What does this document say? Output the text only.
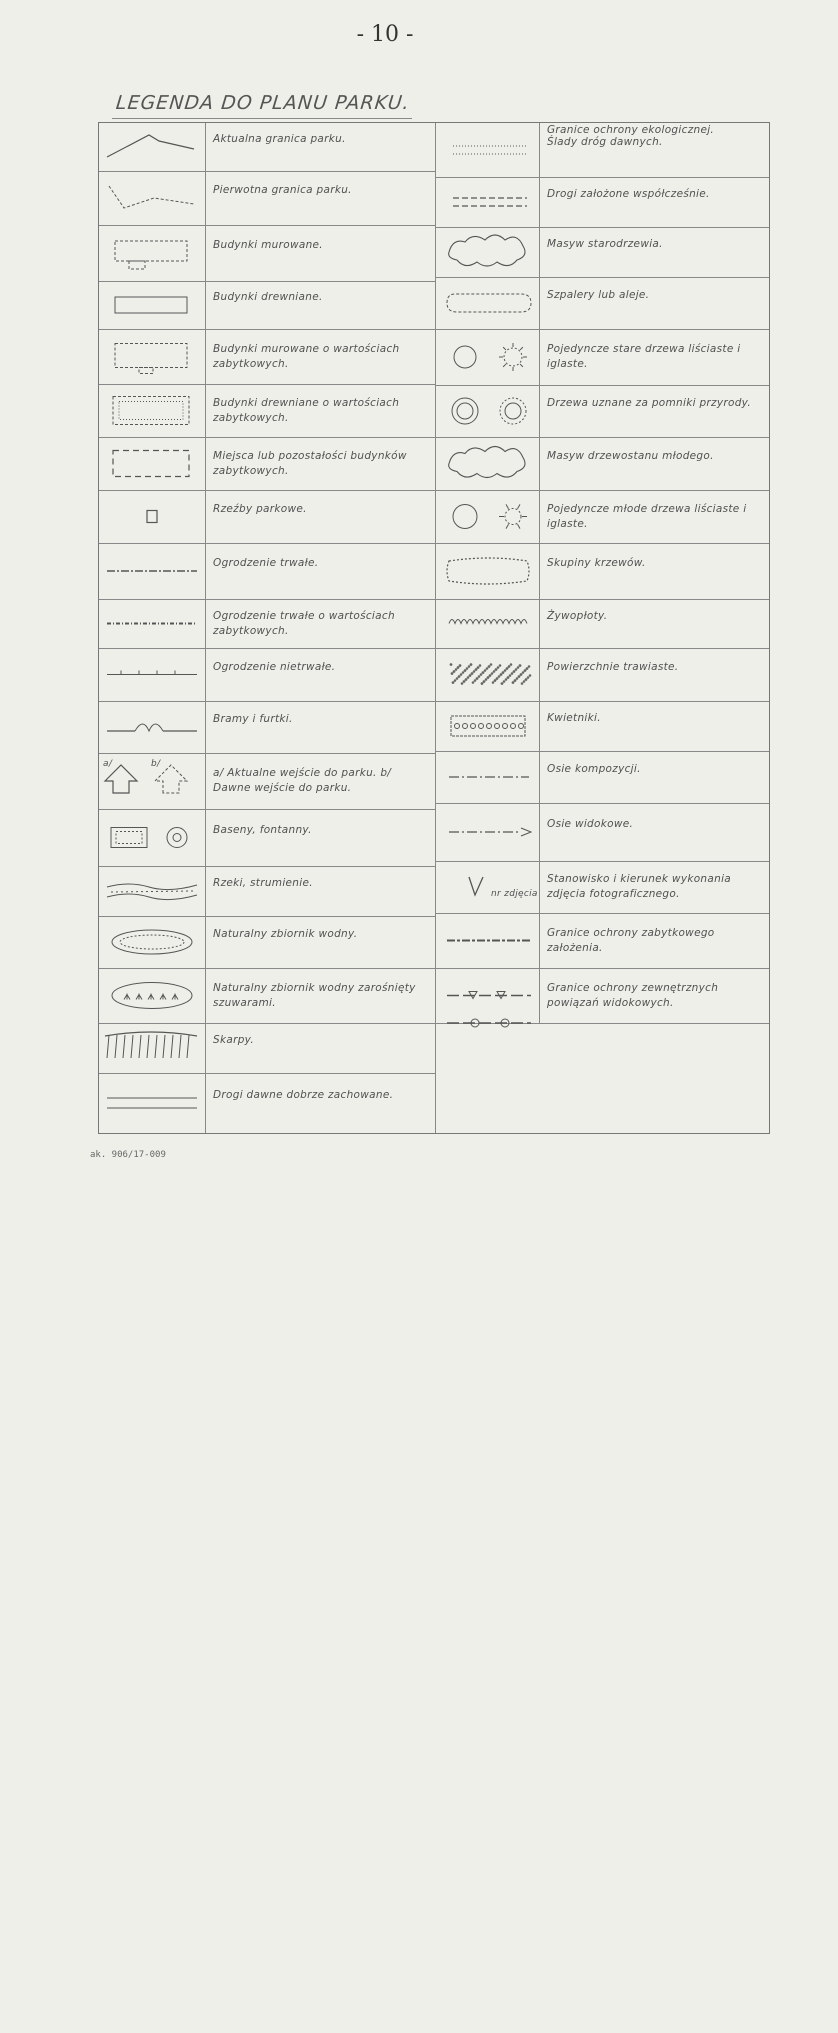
- 10 -
LEGENDA DO PLANU PARKU.
Aktualna granica parku.
Pierwotna granica parku.
Budynki murowane.
Budynki drewniane.
Budynki murowane o wartościach zabytkowych.
Budynki drewniane o wartościach zabytkowych.
Miejsca lub pozostałości budynków zabytkowych.
Rzeźby parkowe.
Ogrodzenie trwałe.
Ogrodzenie trwałe o wartościach zabytkowych.
Ogrodzenie nietrwałe.
Bramy i furtki.
a/	b/
a/ Aktualne wejście do parku. b/ Dawne wejście do parku.
Baseny, fontanny.
Rzeki, strumienie.
Naturalny zbiornik wodny.
Naturalny zbiornik wodny zarośnięty szuwarami.
Skarpy.
Drogi dawne dobrze zachowane.
Ślady dróg dawnych.
Drogi założone współcześnie.
Masyw starodrzewia.
Szpalery lub aleje.
Pojedyncze stare drzewa liściaste i iglaste.
Drzewa uznane za pomniki przyrody.
Masyw drzewostanu młodego.
Pojedyncze młode drzewa liściaste i iglaste.
Skupiny krzewów.
Żywopłoty.
Powierzchnie trawiaste.
Kwietniki.
Osie kompozycji.
Osie widokowe.
nr zdjęcia
Stanowisko i kierunek wykonania zdjęcia fotograficznego.
Granice ochrony zabytkowego założenia.
Granice ochrony zewnętrznych powiązań widokowych.
Granice ochrony ekologicznej.
ak. 906/17-009
